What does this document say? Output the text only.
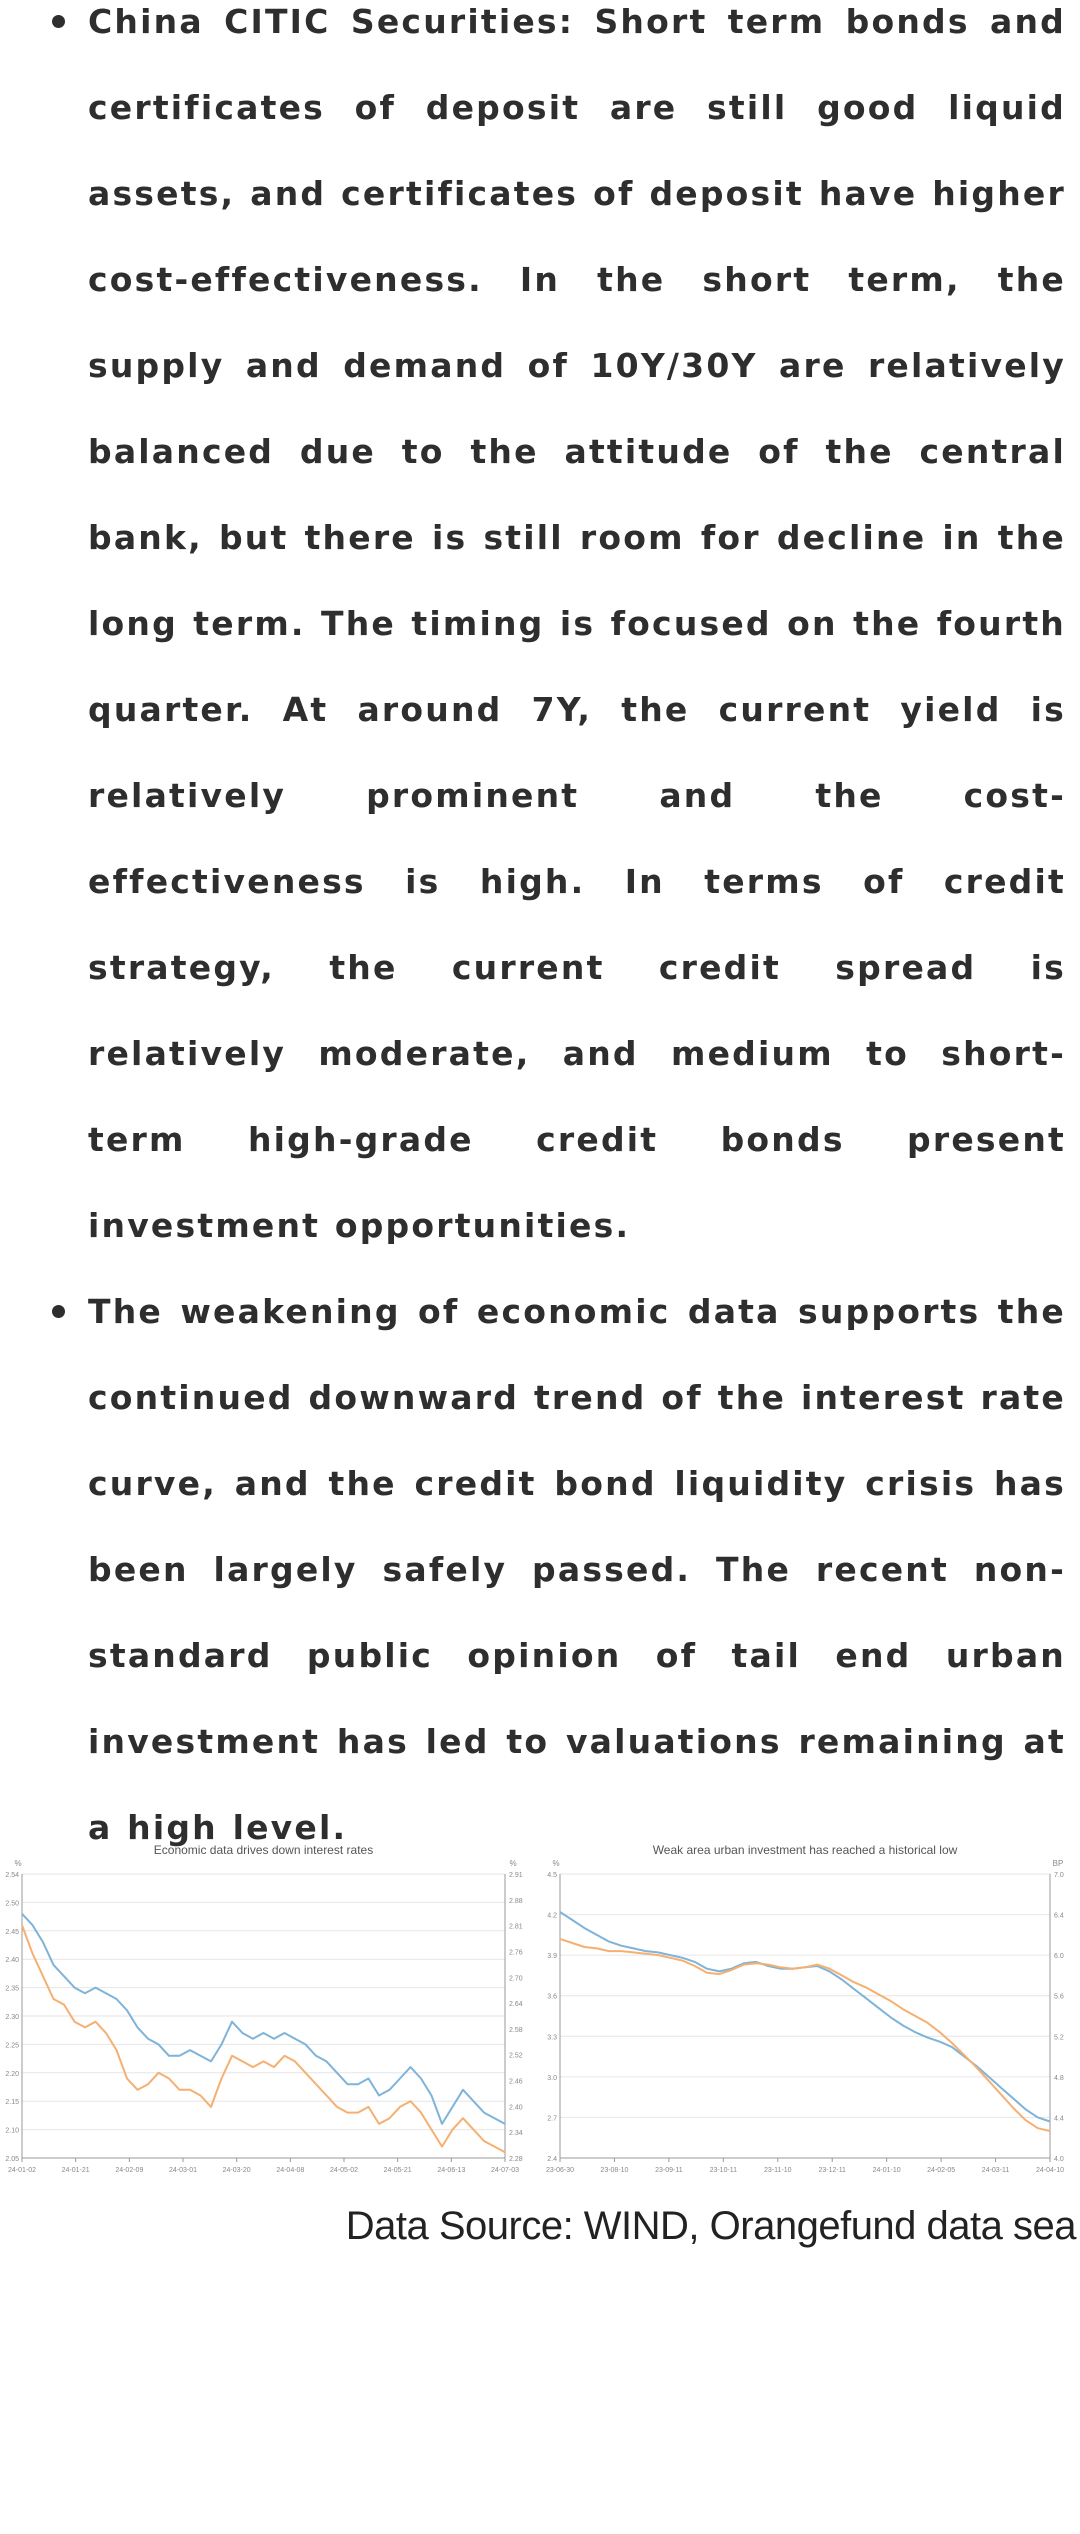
China CITIC Securities: Short term bonds and certificates of deposit are still good liquid assets, and certificates of deposit have higher cost-effectiveness. In the short term, the supply and demand of 10Y/30Y are relatively balanced due to the attitude of the central bank, but there is still room for decline in the long term. The timing is focused on the fourth quarter. At around 7Y, the current yield is relatively prominent and the cost-effectiveness is high. In terms of credit strategy, the current credit spread is relatively moderate, and medium to short-term high-grade credit bonds present investment opportunities.
The weakening of economic data supports the continued downward trend of the interest rate curve, and the credit bond liquidity crisis has been largely safely passed. The recent non-standard public opinion of tail end urban investment has led to valuations remaining at a high level.
Economic data drives down interest rates
%	%
2.54
2.50
2.45
2.40
2.35
2.30
2.25
2.20
2.15
2.10
2.05
2.91
2.88
2.81
2.76
2.70
2.64
2.58
2.52
2.46
2.40
2.34
2.28
24-01-02	24-01-21	24-02-09	24-03-01	24-03-20	24-04-08	24-05-02	24-05-21	24-06-13	24-07-03
Weak area urban investment has reached a historical low
%	BP
4.5
4.2
3.9
3.6
3.3
3.0
2.7
2.4
7.0
6.4
6.0
5.6
5.2
4.8
4.4
4.0
23-06-30	23-08-10	23-09-11	23-10-11	23-11-10	23-12-11	24-01-10	24-02-05	24-03-11	24-04-10
Data Source: WIND, Orangefund data sea
